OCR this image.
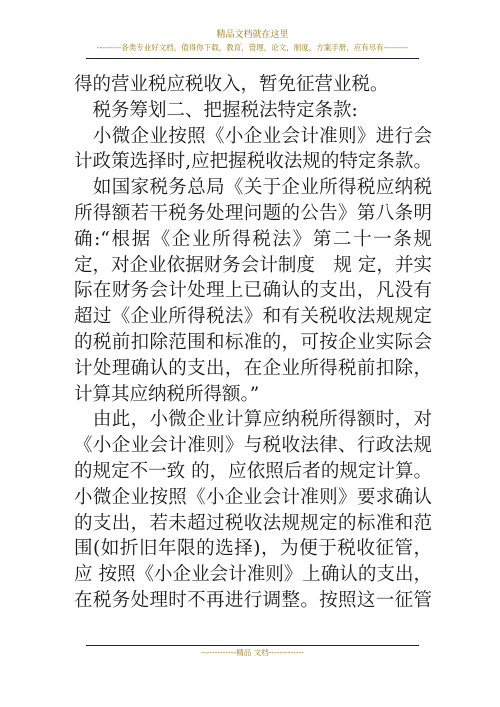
精品文档就在这里
---------各类专业好文档，值得你下载，教育，管理，论文，制度，方案手册，应有尽有---------
得的营业税应税收入，暂免征营业税。
　税务筹划二、把握税法特定条款:
　小微企业按照《小企业会计准则》进行会
计政策选择时,应把握税收法规的特定条款。
　如国家税务总局《关于企业所得税应纳税
所得额若干税务处理问题的公告》第八条明
确:“根据《企业所得税法》第二十一条规
定，对企业依据财务会计制度　规 定，并实
际在财务会计处理上已确认的支出，凡没有
超过《企业所得税法》和有关税收法规规定
的税前扣除范围和标准的，可按企业实际会
计处理确认的支出，在企业所得税前扣除，
计算其应纳税所得额。”
　由此，小微企业计算应纳税所得额时，对
《小企业会计准则》与税收法律、行政法规
的规定不一致 的，应依照后者的规定计算。
小微企业按照《小企业会计准则》要求确认
的支出，若未超过税收法规规定的标准和范
围(如折旧年限的选择)，为便于税收征管，
应 按照《小企业会计准则》上确认的支出，
在税务处理时不再进行调整。按照这一征管
-------------精品 文档-------------
